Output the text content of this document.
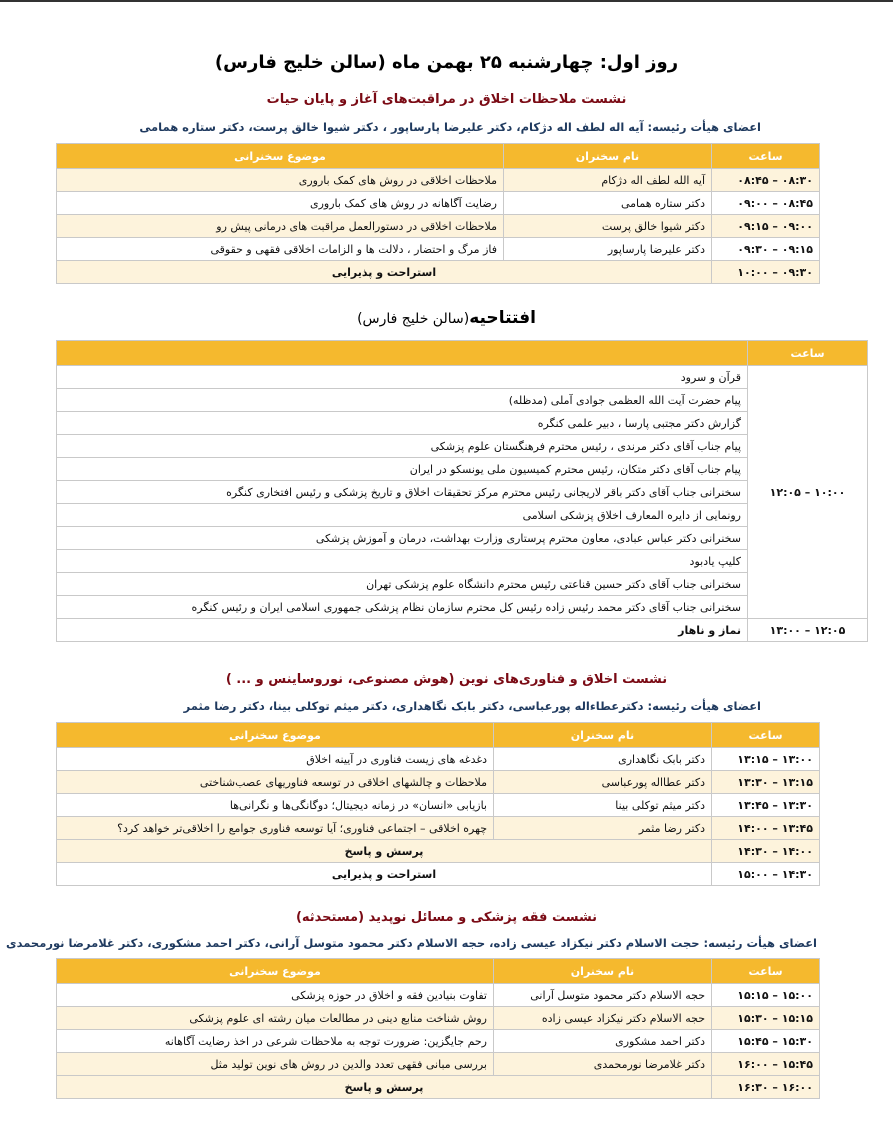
روز اول: چهارشنبه ۲۵ بهمن ماه (سالن خلیج فارس)
نشست ملاحظات اخلاق در مراقبت‌های آغاز و پایان حیات
اعضای هیأت رئیسه: آیه اله لطف اله دژکام، دکتر علیرضا پارساپور ، دکتر شیوا خالق پرست، دکتر ستاره همامی
ساعت	نام سخنران	موضوع سخنرانی
۰۸:۳۰ – ۰۸:۴۵	آیه الله لطف اله دژکام	ملاحظات اخلاقی در روش های کمک باروری
۰۸:۴۵ – ۰۹:۰۰	دکتر ستاره همامی	رضایت آگاهانه در روش های کمک باروری
۰۹:۰۰ – ۰۹:۱۵	دکتر شیوا خالق پرست	ملاحظات اخلاقی در دستورالعمل مراقبت های درمانی پیش رو
۰۹:۱۵ – ۰۹:۳۰	دکتر علیرضا پارساپور	فاز مرگ و احتضار ، دلالت ها و الزامات اخلاقی فقهی و حقوقی
۰۹:۳۰ – ۱۰:۰۰	استراحت و پذیرایی	
افتتاحیه(سالن خلیج فارس)
ساعت	
۱۰:۰۰ – ۱۲:۰۵	قرآن و سرود
	پیام حضرت آیت الله العظمی جوادی آملی (مدظله)
	گزارش دکتر مجتبی پارسا ، دبیر علمی کنگره
	پیام جناب آقای دکتر مرندی ، رئیس محترم فرهنگستان علوم پزشکی
	پیام جناب آقای دکتر متکان، رئیس محترم کمیسیون ملی یونسکو در ایران
	سخنرانی جناب آقای دکتر باقر لاریجانی رئیس محترم مرکز تحقیقات اخلاق و تاریخ پزشکی و رئیس افتخاری کنگره
	رونمایی از دایره المعارف اخلاق پزشکی اسلامی
	سخنرانی دکتر عباس عبادی، معاون محترم پرستاری وزارت بهداشت، درمان و آموزش پزشکی
	کلیپ یادبود
	سخنرانی جناب آقای دکتر حسین قناعتی رئیس محترم دانشگاه علوم پزشکی تهران
	سخنرانی جناب آقای دکتر محمد رئیس زاده رئیس کل محترم سازمان نظام پزشکی جمهوری اسلامی ایران و رئیس کنگره
۱۲:۰۵ – ۱۳:۰۰	نماز و ناهار
نشست اخلاق و فناوری‌های نوین (هوش مصنوعی، نوروساینس و ... )
اعضای هیأت رئیسه: دکترعطاءاله پورعباسی، دکتر بابک نگاهداری، دکتر میثم توکلی بینا، دکتر رضا مثمر
ساعت	نام سخنران	موضوع سخنرانی
۱۳:۰۰ – ۱۳:۱۵	دکتر بابک نگاهداری	دغدغه های زیست فناوری در آیینه اخلاق
۱۳:۱۵ – ۱۳:۳۰	دکتر عطااله پورعباسی	ملاحظات و چالشهای اخلاقی در توسعه فناوریهای عصب‌شناختی
۱۳:۳۰ – ۱۳:۴۵	دکتر میثم توکلی بینا	بازیابی «انسان» در زمانه دیجیتال؛ دوگانگی‌ها و نگرانی‌ها
۱۳:۴۵ – ۱۴:۰۰	دکتر رضا مثمر	چهره اخلاقی – اجتماعی فناوری؛ آیا توسعه فناوری جوامع را اخلاقی‌تر خواهد کرد؟
۱۴:۰۰ – ۱۴:۳۰	پرسش و پاسخ	
۱۴:۳۰ – ۱۵:۰۰	استراحت و پذیرایی	
نشست فقه پزشکی و مسائل نوپدید (مستحدثه)
اعضای هیأت رئیسه: حجت الاسلام دکتر نیکزاد عیسی زاده، حجه الاسلام دکتر محمود متوسل آرانی، دکتر احمد مشکوری، دکتر غلامرضا نورمحمدی
ساعت	نام سخنران	موضوع سخنرانی
۱۵:۰۰ – ۱۵:۱۵	حجه الاسلام دکتر محمود متوسل آرانی	تفاوت بنیادین فقه و اخلاق در حوزه پزشکی
۱۵:۱۵ – ۱۵:۳۰	حجه الاسلام دکتر نیکزاد عیسی زاده	روش شناخت منابع دینی در مطالعات میان رشته ای علوم پزشکی
۱۵:۳۰ – ۱۵:۴۵	دکتر احمد مشکوری	رحم جایگزین: ضرورت توجه به ملاحظات شرعی در اخذ رضایت آگاهانه
۱۵:۴۵ – ۱۶:۰۰	دکتر غلامرضا نورمحمدی	بررسی مبانی فقهی تعدد والدین در روش های نوین تولید مثل
۱۶:۰۰ – ۱۶:۳۰	پرسش و پاسخ	
